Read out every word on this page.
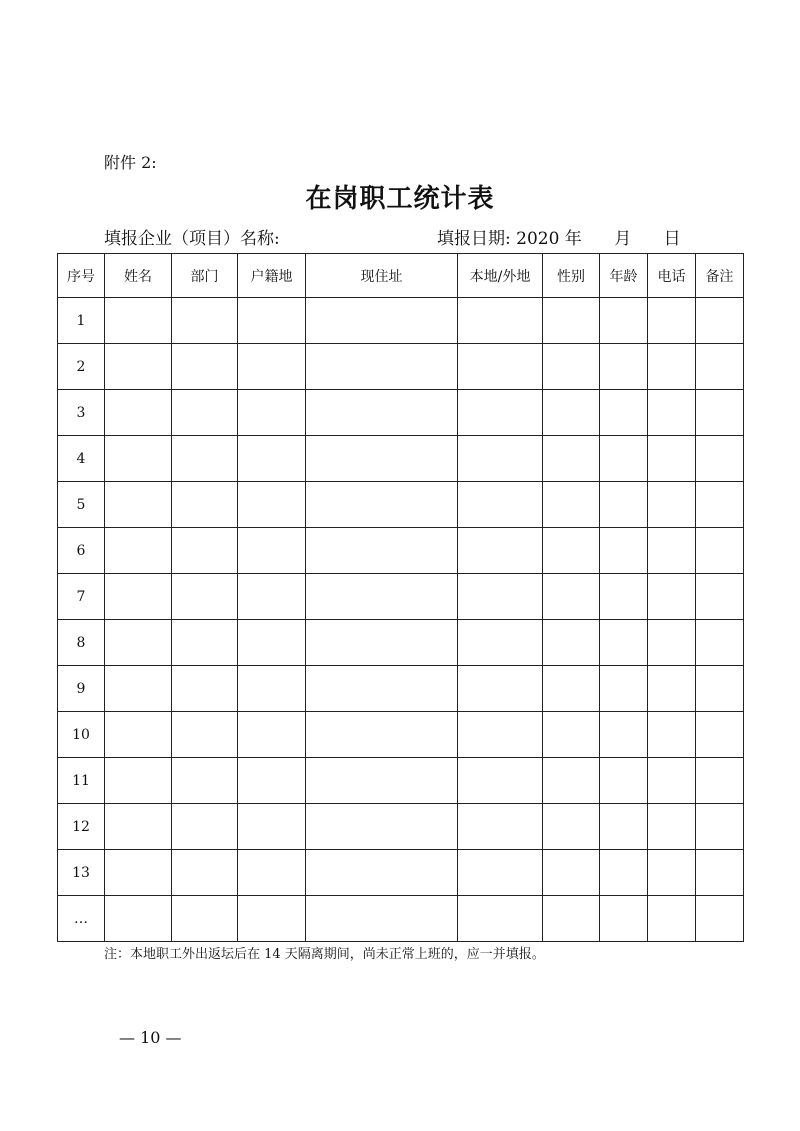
附件 2:
在岗职工统计表
填报企业（项目）名称:	填报日期: 2020 年      月      日
序号	姓名	部门	户籍地	现住址	本地/外地	性别	年龄	电话	备注
1									
2									
3									
4									
5									
6									
7									
8									
9									
10									
11									
12									
13									
…									
注：本地职工外出返坛后在 14 天隔离期间，尚未正常上班的，应一并填报。
— 10 —
